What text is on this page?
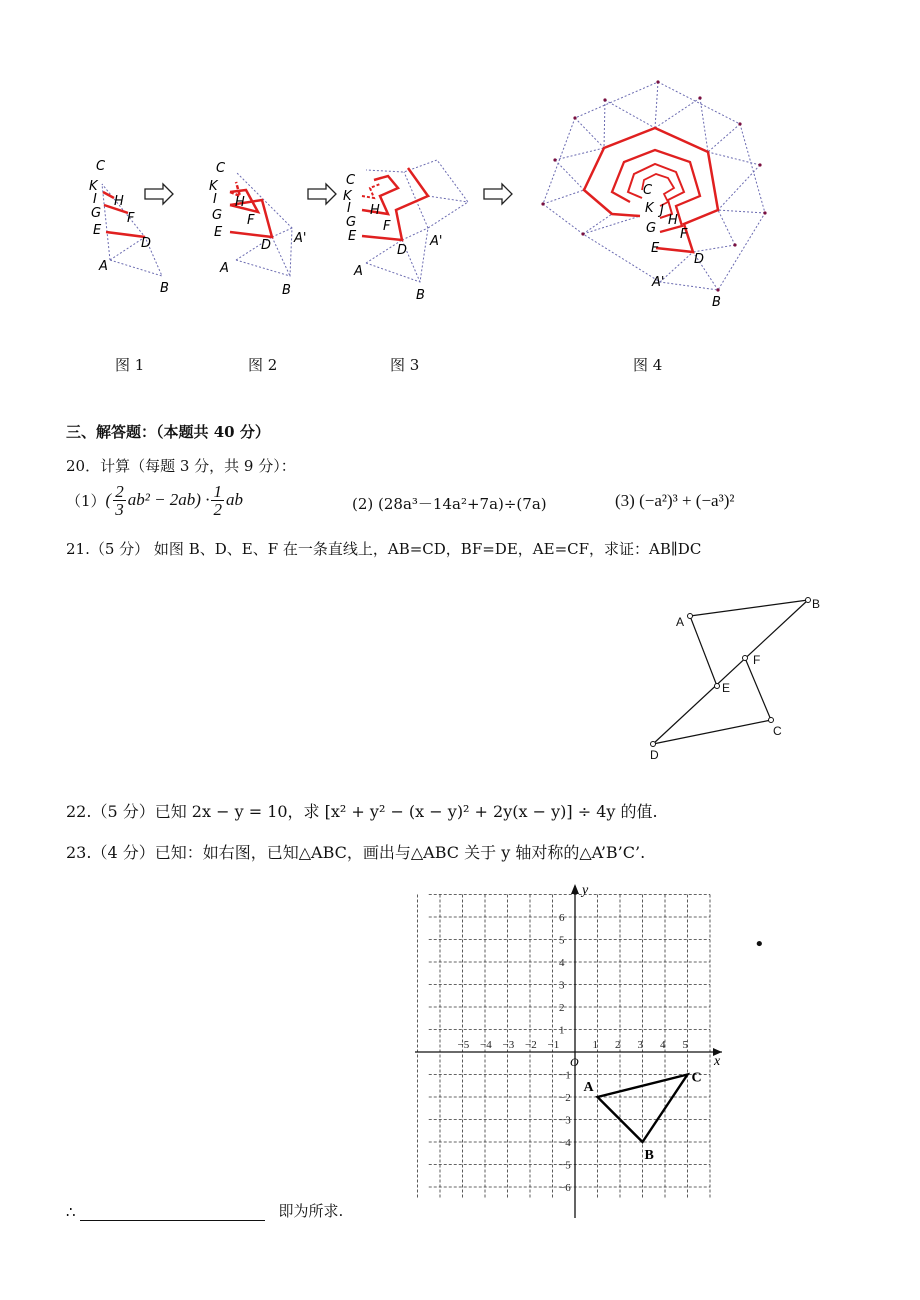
C
K
I H
G F
E
D
A
B
C
K
I H
G F
E
D A'
A
B
C
K
I H
G F
E
D
A'
A
B
C
K J
H
G F
E
D
A'
B
图 1	图 2	图 3	图 4
三、解答题：（本题共 40 分）
20．计算（每题 3 分，共 9 分）：
（1） ( $\frac{2}{3} ab^2 - 2ab) \cdot \frac{1}{2}$ ab	(2) (28a³－14a²+7a)÷(7a)	(3) (−a²)³ + (−a³)²
21.（5 分） 如图 B、D、E、F 在一条直线上，AB=CD，BF=DE，AE=CF，求证：AB∥DC
A
B
F
E
C
D
22.（5 分）已知 2x − y = 10，求 [x² + y² − (x − y)² + 2y(x − y)] ÷ 4y 的值.
23.（4 分）已知：如右图，已知△ABC，画出与△ABC 关于 y 轴对称的△A’B’C’.
x
y
O
−5 −4 −3 −2 −1	1 2 3 4 5
6
5
4
3
2
1
−1
−2
−3
−4
−5
−6
A
B
C
•
∴	即为所求.
